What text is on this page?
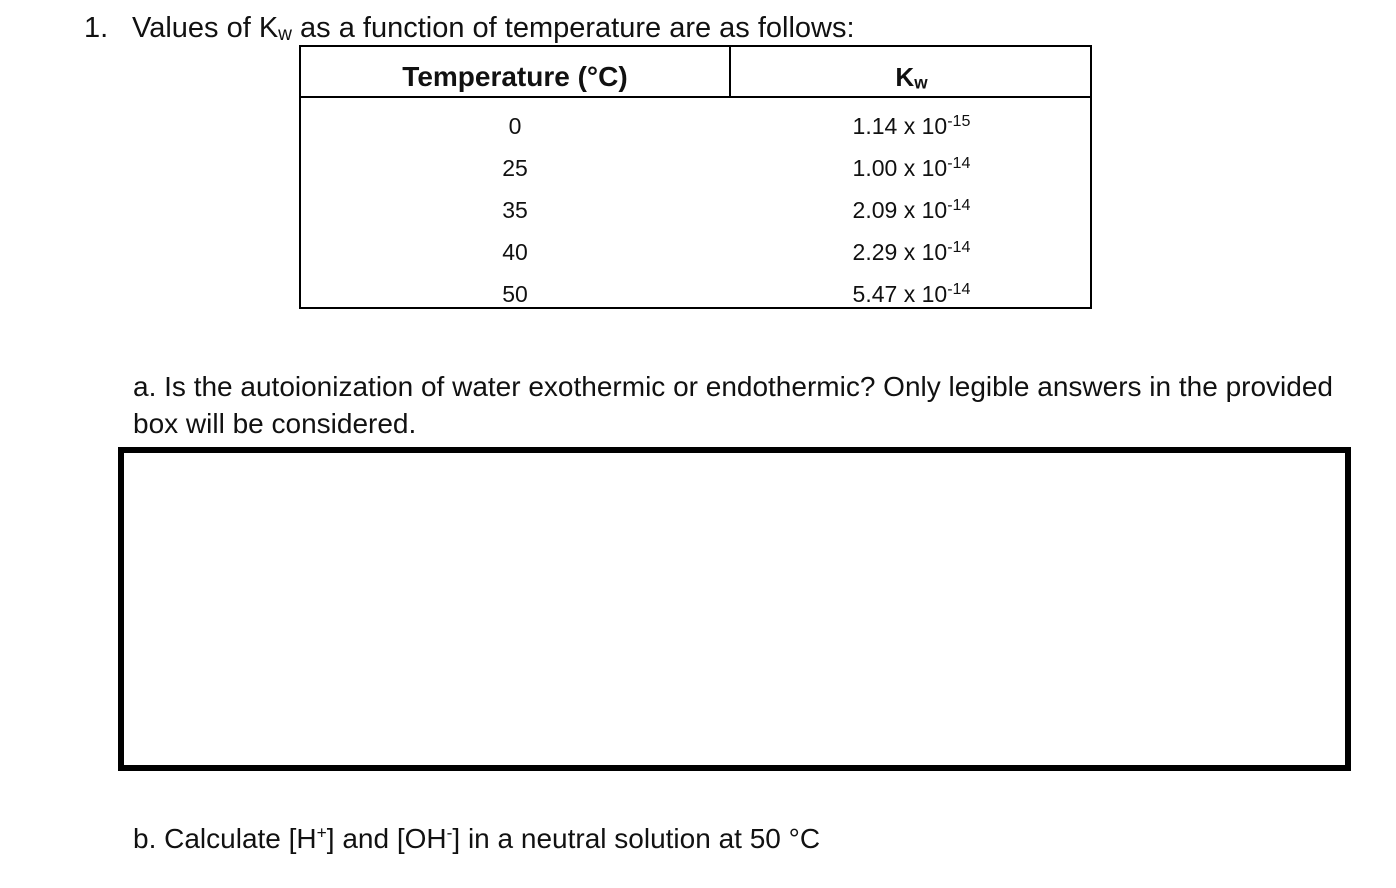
1. Values of Kw as a function of temperature are as follows:
Temperature (°C)	Kw
0	1.14 x $10^{-15}$
25	1.00 x $10^{-14}$
35	2.09 x $10^{-14}$
40	2.29 x $10^{-14}$
50	5.47 x $10^{-14}$
a. Is the autoionization of water exothermic or endothermic? Only legible answers in the provided box will be considered.
b. Calculate [H+] and [OH-] in a neutral solution at 50 °C
